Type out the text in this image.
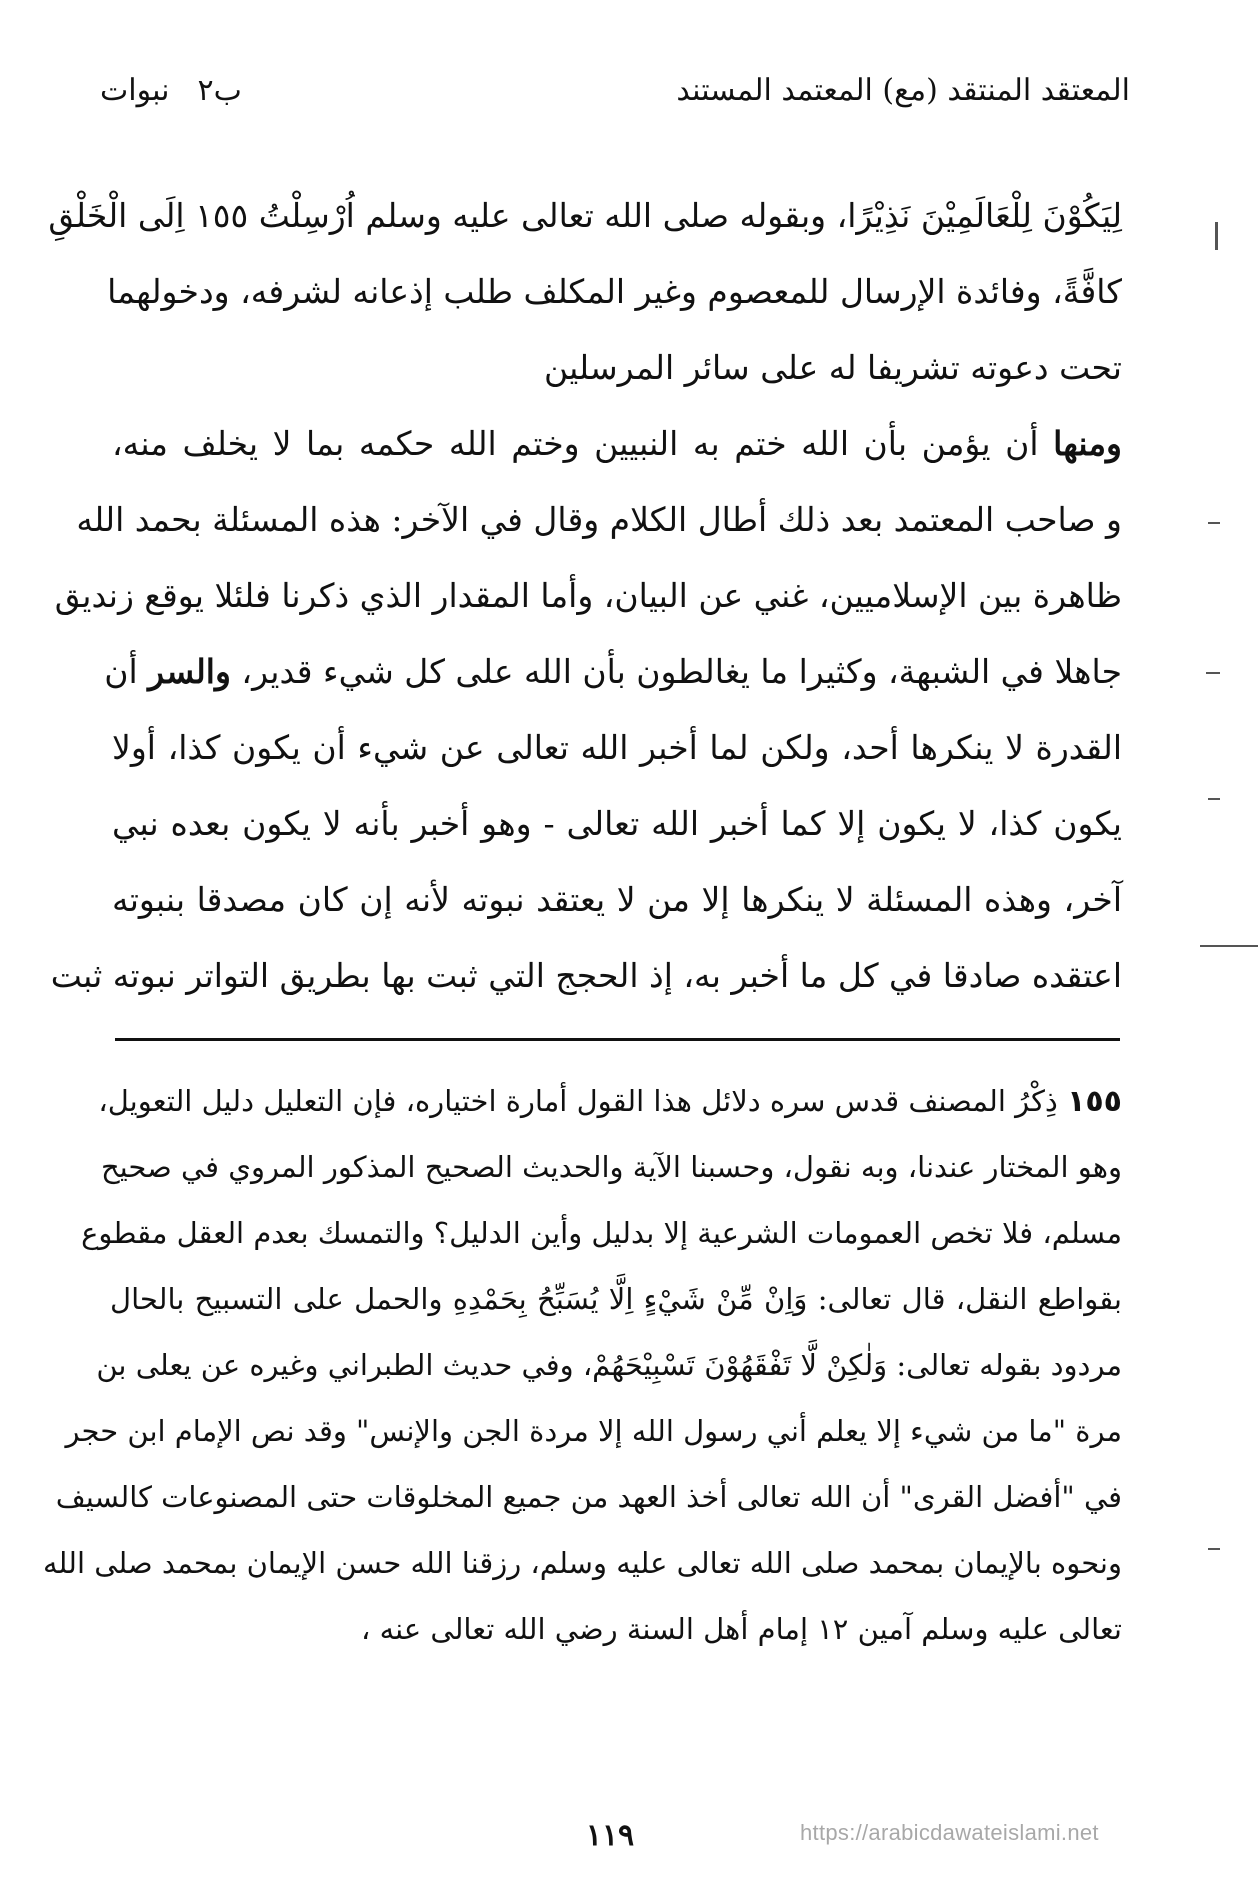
المعتقد المنتقد (مع) المعتمد المستند
ب٢
نبوات
لِيَكُوْنَ لِلْعَالَمِيْنَ نَذِيْرًا، وبقوله صلى الله تعالى عليه وسلم اُرْسِلْتُ ١٥٥ اِلَى الْخَلْقِ
كافَّةً، وفائدة الإرسال للمعصوم وغير المكلف طلب إذعانه لشرفه، ودخولهما
تحت دعوته تشريفا له على سائر المرسلين
ومنها أن يؤمن بأن الله ختم به النبيين وختم الله حكمه بما لا يخلف منه،
و صاحب المعتمد بعد ذلك أطال الكلام وقال في الآخر: هذه المسئلة بحمد الله
ظاهرة بين الإسلاميين، غني عن البيان، وأما المقدار الذي ذكرنا فلئلا يوقع زنديق
جاهلا في الشبهة، وكثيرا ما يغالطون بأن الله على كل شيء قدير، والسر أن
القدرة لا ينكرها أحد، ولكن لما أخبر الله تعالى عن شيء أن يكون كذا، أولا
يكون كذا، لا يكون إلا كما أخبر الله تعالى - وهو أخبر بأنه لا يكون بعده نبي
آخر، وهذه المسئلة لا ينكرها إلا من لا يعتقد نبوته لأنه إن كان مصدقا بنبوته
اعتقده صادقا في كل ما أخبر به، إذ الحجج التي ثبت بها بطريق التواتر نبوته ثبت
١٥٥ ذِكْرُ المصنف قدس سره دلائل هذا القول أمارة اختياره، فإن التعليل دليل التعويل،
وهو المختار عندنا، وبه نقول، وحسبنا الآية والحديث الصحيح المذكور المروي في صحيح
مسلم، فلا تخص العمومات الشرعية إلا بدليل وأين الدليل؟ والتمسك بعدم العقل مقطوع
بقواطع النقل، قال تعالى: وَاِنْ مِّنْ شَيْءٍ اِلَّا يُسَبِّحُ بِحَمْدِهِ والحمل على التسبيح بالحال
مردود بقوله تعالى: وَلٰكِنْ لَّا تَفْقَهُوْنَ تَسْبِيْحَهُمْ، وفي حديث الطبراني وغيره عن يعلى بن
مرة "ما من شيء إلا يعلم أني رسول الله إلا مردة الجن والإنس" وقد نص الإمام ابن حجر
في "أفضل القرى" أن الله تعالى أخذ العهد من جميع المخلوقات حتى المصنوعات كالسيف
ونحوه بالإيمان بمحمد صلى الله تعالى عليه وسلم، رزقنا الله حسن الإيمان بمحمد صلى الله
تعالى عليه وسلم آمين ١٢ إمام أهل السنة رضي الله تعالى عنه ،
١١٩	https://arabicdawateislami.net
